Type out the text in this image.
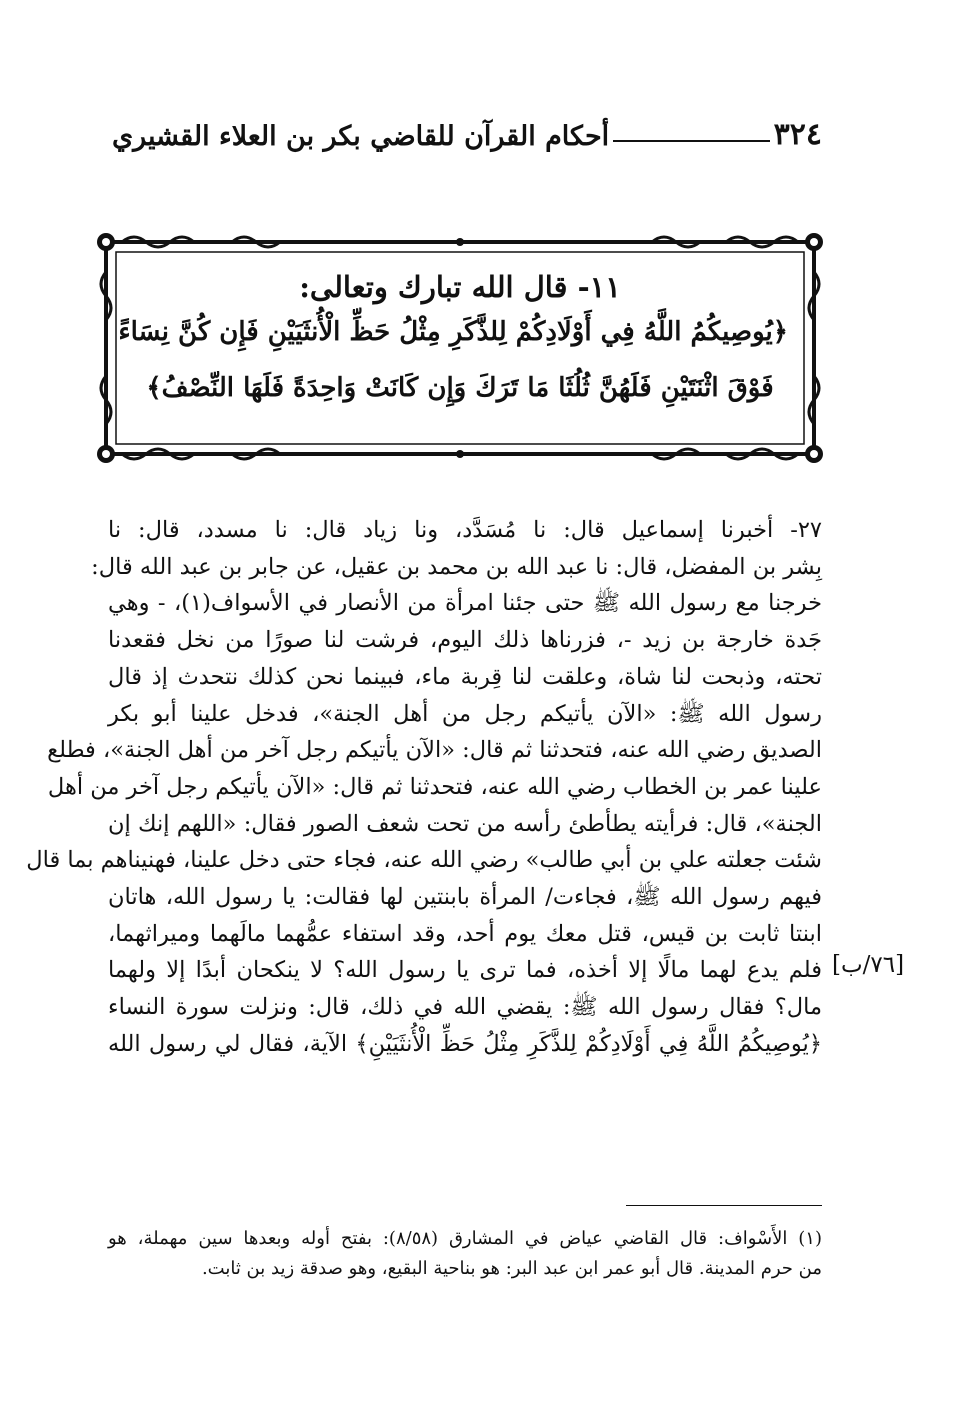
٣٢٤
أحكام القرآن للقاضي بكر بن العلاء القشيري
١١- قال الله تبارك وتعالى:
﴿يُوصِيكُمُ اللَّهُ فِي أَوْلَادِكُمْ لِلذَّكَرِ مِثْلُ حَظِّ الْأُنثَيَيْنِ فَإِن كُنَّ نِسَاءً
فَوْقَ اثْنَتَيْنِ فَلَهُنَّ ثُلُثَا مَا تَرَكَ وَإِن كَانَتْ وَاحِدَةً فَلَهَا النِّصْفُ﴾

٢٧- أخبرنا إسماعيل قال: نا مُسَدَّد، ونا زياد قال: نا مسدد، قال: نا

بِشر بن المفضل، قال: نا عبد الله بن محمد بن عقيل، عن جابر بن عبد الله قال:

خرجنا مع رسول الله ﷺ حتى جئنا امرأة من الأنصار في الأسواف(١)، - وهي

جَدة خارجة بن زيد -، فزرناها ذلك اليوم، فرشت لنا صورًا من نخل فقعدنا

تحته، وذبحت لنا شاة، وعلقت لنا قِربة ماء، فبينما نحن كذلك نتحدث إذ قال

رسول الله ﷺ: «الآن يأتيكم رجل من أهل الجنة»، فدخل علينا أبو بكر

الصديق رضي الله عنه، فتحدثنا ثم قال: «الآن يأتيكم رجل آخر من أهل الجنة»، فطلع

علينا عمر بن الخطاب رضي الله عنه، فتحدثنا ثم قال: «الآن يأتيكم رجل آخر من أهل

الجنة»، قال: فرأيته يطأطئ رأسه من تحت شعف الصور فقال: «اللهم إنك إن

شئت جعلته علي بن أبي طالب» رضي الله عنه، فجاء حتى دخل علينا، فهنيناهم بما قال

فيهم رسول الله ﷺ، فجاءت/ المرأة بابنتين لها فقالت: يا رسول الله، هاتان

ابنتا ثابت بن قيس، قتل معك يوم أحد، وقد استفاء عمُّهما مالَهما وميراثهما،

فلم يدع لهما مالًا إلا أخذه، فما ترى يا رسول الله؟ لا ينكحان أبدًا إلا ولهما

مال؟ فقال رسول الله ﷺ: يقضي الله في ذلك، قال: ونزلت سورة النساء

﴿يُوصِيكُمُ اللَّهُ فِي أَوْلَادِكُمْ لِلذَّكَرِ مِثْلُ حَظِّ الْأُنثَيَيْنِ﴾ الآية، فقال لي رسول الله

[٧٦/ب]

(١) الأَسْواف: قال القاضي عياض في المشارق (٨/٥٨): بفتح أوله وبعدها سين مهملة، هو

من حرم المدينة. قال أبو عمر ابن عبد البر: هو بناحية البقيع، وهو صدقة زيد بن ثابت.
